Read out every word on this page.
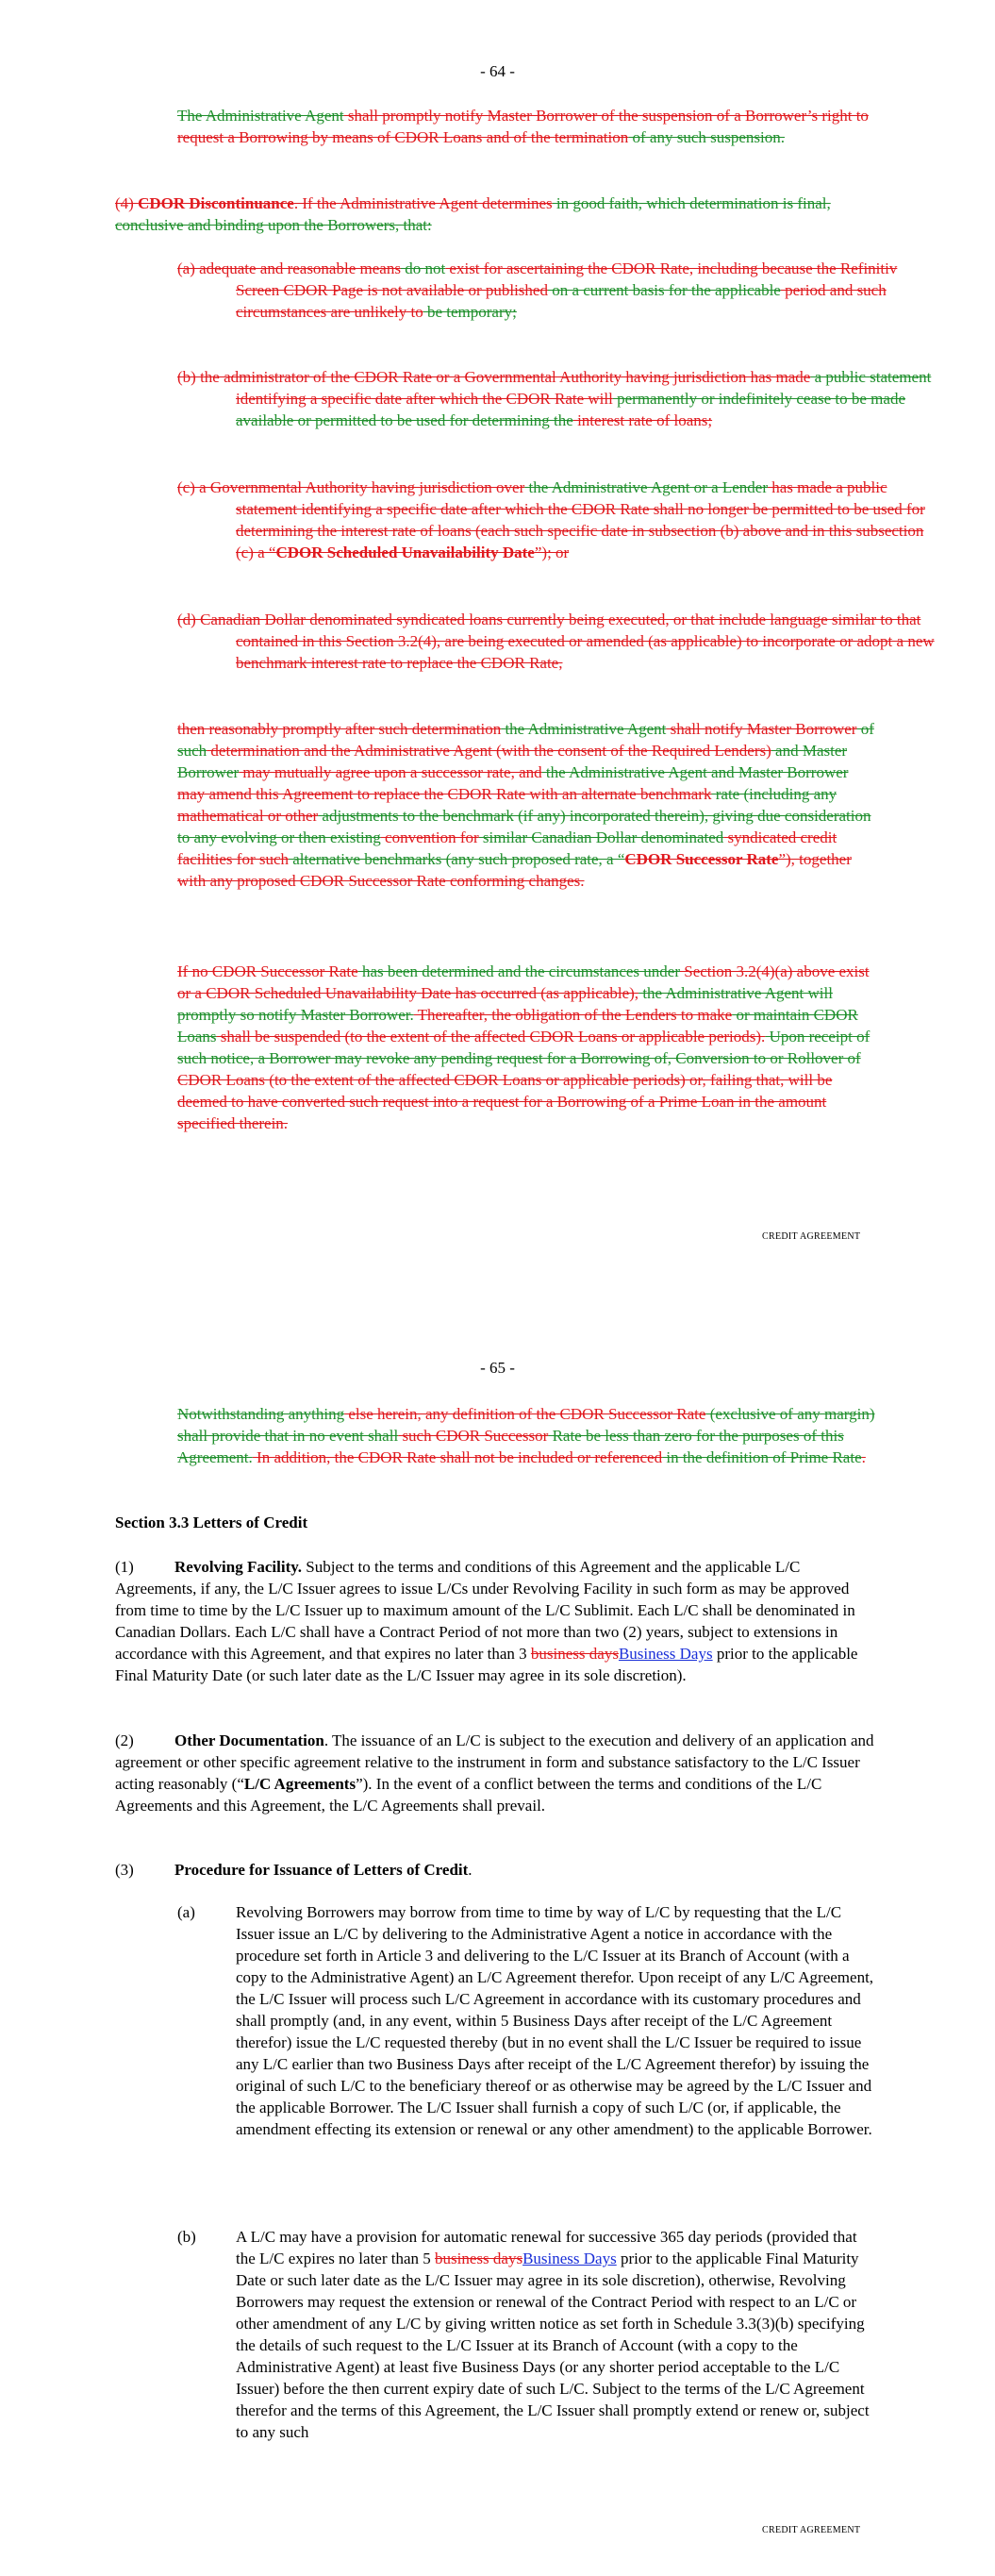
- 64 -

The Administrative Agent shall promptly notify Master Borrower of the suspension of a Borrower’s right to request a Borrowing by means of CDOR Loans and of the termination of any such suspension.

(4) CDOR Discontinuance. If the Administrative Agent determines in good faith, which determination is final, conclusive and binding upon the Borrowers, that:

(a) adequate and reasonable means do not exist for ascertaining the CDOR Rate, including because the Refinitiv Screen CDOR Page is not available or published on a current basis for the applicable period and such circumstances are unlikely to be temporary;

(b) the administrator of the CDOR Rate or a Governmental Authority having jurisdiction has made a public statement identifying a specific date after which the CDOR Rate will permanently or indefinitely cease to be made available or permitted to be used for determining the interest rate of loans;

(c) a Governmental Authority having jurisdiction over the Administrative Agent or a Lender has made a public statement identifying a specific date after which the CDOR Rate shall no longer be permitted to be used for determining the interest rate of loans (each such specific date in subsection (b) above and in this subsection (c) a “CDOR Scheduled Unavailability Date”); or

(d) Canadian Dollar denominated syndicated loans currently being executed, or that include language similar to that contained in this Section 3.2(4), are being executed or amended (as applicable) to incorporate or adopt a new benchmark interest rate to replace the CDOR Rate,

then reasonably promptly after such determination the Administrative Agent shall notify Master Borrower of such determination and the Administrative Agent (with the consent of the Required Lenders) and Master Borrower may mutually agree upon a successor rate, and the Administrative Agent and Master Borrower may amend this Agreement to replace the CDOR Rate with an alternate benchmark rate (including any mathematical or other adjustments to the benchmark (if any) incorporated therein), giving due consideration to any evolving or then existing convention for similar Canadian Dollar denominated syndicated credit facilities for such alternative benchmarks (any such proposed rate, a “CDOR Successor Rate”), together with any proposed CDOR Successor Rate conforming changes.

If no CDOR Successor Rate has been determined and the circumstances under Section 3.2(4)(a) above exist or a CDOR Scheduled Unavailability Date has occurred (as applicable), the Administrative Agent will promptly so notify Master Borrower. Thereafter, the obligation of the Lenders to make or maintain CDOR Loans shall be suspended (to the extent of the affected CDOR Loans or applicable periods). Upon receipt of such notice, a Borrower may revoke any pending request for a Borrowing of, Conversion to or Rollover of CDOR Loans (to the extent of the affected CDOR Loans or applicable periods) or, failing that, will be deemed to have converted such request into a request for a Borrowing of a Prime Loan in the amount specified therein.

CREDIT AGREEMENT
- 65 -

Notwithstanding anything else herein, any definition of the CDOR Successor Rate (exclusive of any margin) shall provide that in no event shall such CDOR Successor Rate be less than zero for the purposes of this Agreement. In addition, the CDOR Rate shall not be included or referenced in the definition of Prime Rate.

Section 3.3 Letters of Credit

(1)	Revolving Facility. Subject to the terms and conditions of this Agreement and the applicable L/C Agreements, if any, the L/C Issuer agrees to issue L/Cs under Revolving Facility in such form as may be approved from time to time by the L/C Issuer up to maximum amount of the L/C Sublimit. Each L/C shall be denominated in Canadian Dollars. Each L/C shall have a Contract Period of not more than two (2) years, subject to extensions in accordance with this Agreement, and that expires no later than 3 business daysBusiness Days prior to the applicable Final Maturity Date (or such later date as the L/C Issuer may agree in its sole discretion).

(2)	Other Documentation. The issuance of an L/C is subject to the execution and delivery of an application and agreement or other specific agreement relative to the instrument in form and substance satisfactory to the L/C Issuer acting reasonably (“L/C Agreements”). In the event of a conflict between the terms and conditions of the L/C Agreements and this Agreement, the L/C Agreements shall prevail.

(3)	Procedure for Issuance of Letters of Credit.

(a)	Revolving Borrowers may borrow from time to time by way of L/C by requesting that the L/C Issuer issue an L/C by delivering to the Administrative Agent a notice in accordance with the procedure set forth in Article 3 and delivering to the L/C Issuer at its Branch of Account (with a copy to the Administrative Agent) an L/C Agreement therefor. Upon receipt of any L/C Agreement, the L/C Issuer will process such L/C Agreement in accordance with its customary procedures and shall promptly (and, in any event, within 5 Business Days after receipt of the L/C Agreement therefor) issue the L/C requested thereby (but in no event shall the L/C Issuer be required to issue any L/C earlier than two Business Days after receipt of the L/C Agreement therefor) by issuing the original of such L/C to the beneficiary thereof or as otherwise may be agreed by the L/C Issuer and the applicable Borrower. The L/C Issuer shall furnish a copy of such L/C (or, if applicable, the amendment effecting its extension or renewal or any other amendment) to the applicable Borrower.

(b) A L/C may have a provision for automatic renewal for successive 365 day periods (provided that the L/C expires no later than 5 business daysBusiness Days prior to the applicable Final Maturity Date or such later date as the L/C Issuer may agree in its sole discretion), otherwise, Revolving Borrowers may request the extension or renewal of the Contract Period with respect to an L/C or other amendment of any L/C by giving written notice as set forth in Schedule 3.3(3)(b) specifying the details of such request to the L/C Issuer at its Branch of Account (with a copy to the Administrative Agent) at least five Business Days (or any shorter period acceptable to the L/C Issuer) before the then current expiry date of such L/C. Subject to the terms of the L/C Agreement therefor and the terms of this Agreement, the L/C Issuer shall promptly extend or renew or, subject to any such

CREDIT AGREEMENT
